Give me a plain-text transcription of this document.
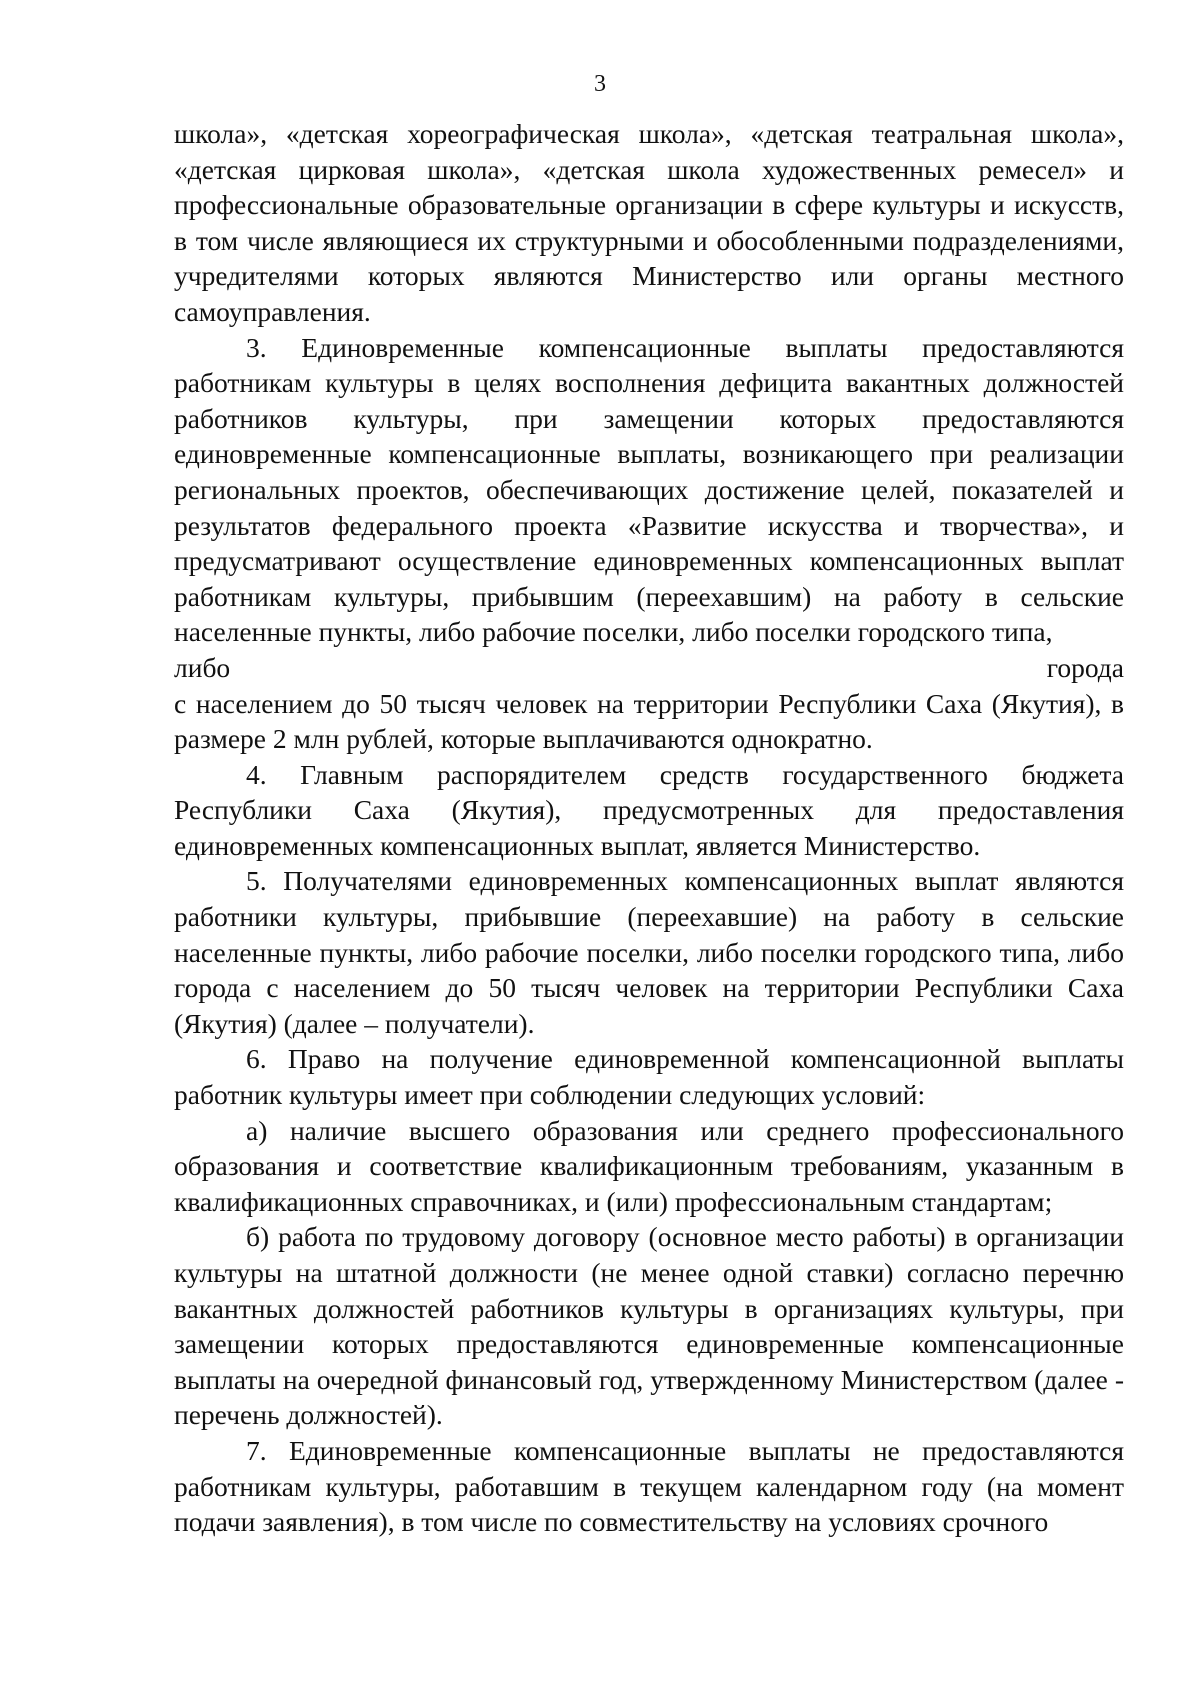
3

школа», «детская хореографическая школа», «детская театральная школа», «детская цирковая школа», «детская школа художественных ремесел» и профессиональные образовательные организации в сфере культуры и искусств, в том числе являющиеся их структурными и обособленными подразделениями, учредителями которых являются Министерство или органы местного самоуправления.

3. Единовременные компенсационные выплаты предоставляются работникам культуры в целях восполнения дефицита вакантных должностей работников культуры, при замещении которых предоставляются единовременные компенсационные выплаты, возникающего при реализации региональных проектов, обеспечивающих достижение целей, показателей и результатов федерального проекта «Развитие искусства и творчества», и предусматривают осуществление единовременных компенсационных выплат работникам культуры, прибывшим (переехавшим) на работу в сельские населенные пункты, либо рабочие поселки, либо поселки городского типа,

либо	города

с населением до 50 тысяч человек на территории Республики Саха (Якутия), в размере 2 млн рублей, которые выплачиваются однократно.

4. Главным распорядителем средств государственного бюджета Республики Саха (Якутия), предусмотренных для предоставления единовременных компенсационных выплат, является Министерство.

5. Получателями единовременных компенсационных выплат являются работники культуры, прибывшие (переехавшие) на работу в сельские населенные пункты, либо рабочие поселки, либо поселки городского типа, либо города с населением до 50 тысяч человек на территории Республики Саха (Якутия) (далее – получатели).

6. Право на получение единовременной компенсационной выплаты работник культуры имеет при соблюдении следующих условий:

а) наличие высшего образования или среднего профессионального образования и соответствие квалификационным требованиям, указанным в квалификационных справочниках, и (или) профессиональным стандартам;

б) работа по трудовому договору (основное место работы) в организации культуры на штатной должности (не менее одной ставки) согласно перечню вакантных должностей работников культуры в организациях культуры, при замещении которых предоставляются единовременные компенсационные выплаты на очередной финансовый год, утвержденному Министерством (далее - перечень должностей).

7. Единовременные компенсационные выплаты не предоставляются работникам культуры, работавшим в текущем календарном году (на момент подачи заявления), в том числе по совместительству на условиях срочного
